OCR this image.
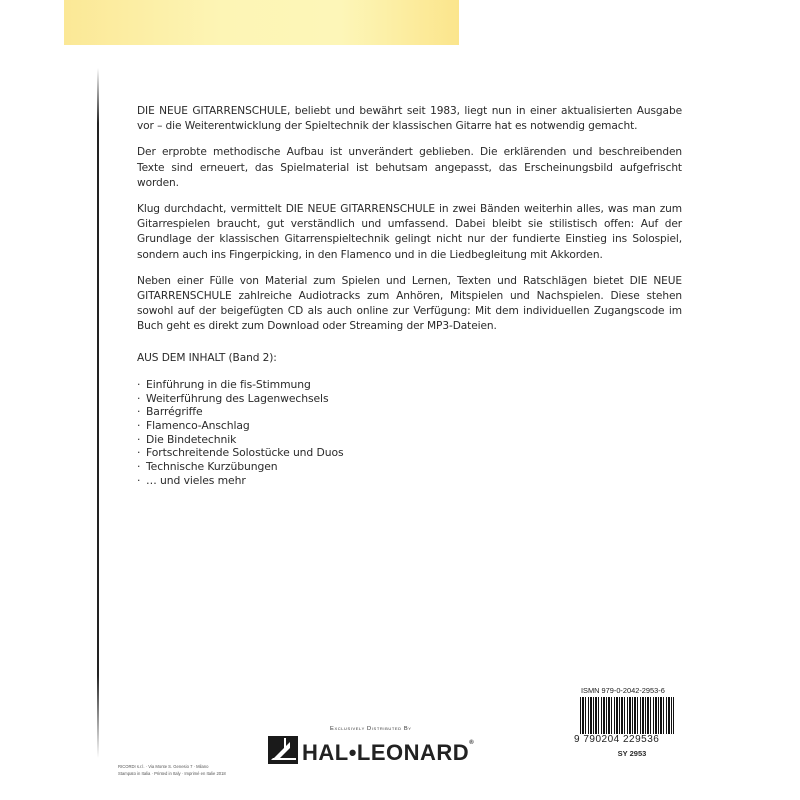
DIE NEUE GITARRENSCHULE, beliebt und bewährt seit 1983, liegt nun in einer aktualisierten Ausgabe vor – die Weiterentwicklung der Spieltechnik der klassischen Gitarre hat es notwendig gemacht.

Der erprobte methodische Aufbau ist unverändert geblieben. Die erklärenden und beschreibenden Texte sind erneuert, das Spielmaterial ist behutsam angepasst, das Erscheinungsbild aufgefrischt worden.

Klug durchdacht, vermittelt DIE NEUE GITARRENSCHULE in zwei Bänden weiterhin alles, was man zum Gitarrespielen braucht, gut verständlich und umfassend. Dabei bleibt sie stilistisch offen: Auf der Grundlage der klassischen Gitarrenspieltechnik gelingt nicht nur der fundierte Einstieg ins Solospiel, sondern auch ins Fingerpicking, in den Flamenco und in die Liedbegleitung mit Akkorden.

Neben einer Fülle von Material zum Spielen und Lernen, Texten und Ratschlägen bietet DIE NEUE GITARRENSCHULE zahlreiche Audiotracks zum Anhören, Mitspielen und Nachspielen. Diese stehen sowohl auf der beigefügten CD als auch online zur Verfügung: Mit dem individuellen Zugangscode im Buch geht es direkt zum Download oder Streaming der MP3-Dateien.

AUS DEM INHALT (Band 2):
· Einführung in die fis-Stimmung
· Weiterführung des Lagenwechsels
· Barrégriffe
· Flamenco-Anschlag
· Die Bindetechnik
· Fortschreitende Solostücke und Duos
· Technische Kurzübungen
· … und vieles mehr
RICORDI s.r.l. · Via Monte S. Genesio 7 · Milano
Stampato in Italia · Printed in Italy · Imprimé en Italie 2018
Exclusively Distributed By
HAL•LEONARD®
ISMN 979-0-2042-2953-6
9 790204 229536
SY 2953
